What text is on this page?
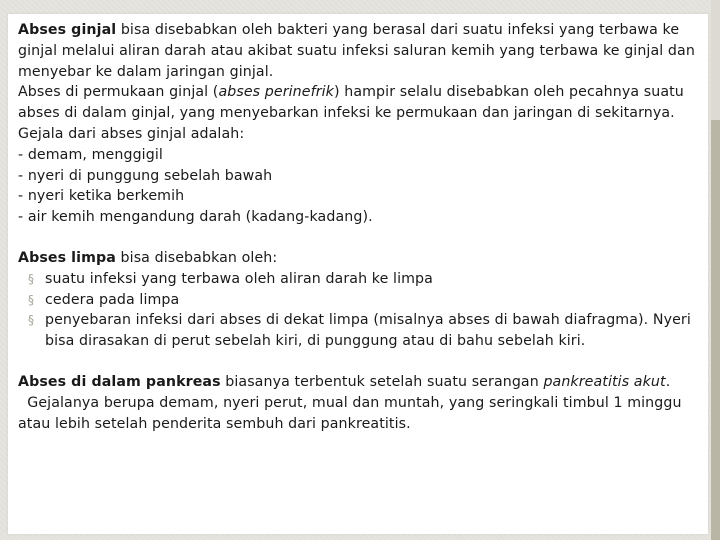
Abses ginjal bisa disebabkan oleh bakteri yang berasal dari suatu infeksi yang terbawa ke ginjal melalui aliran darah atau akibat suatu infeksi saluran kemih yang terbawa ke ginjal dan menyebar ke dalam jaringan ginjal.

Abses di permukaan ginjal (abses perinefrik) hampir selalu disebabkan oleh pecahnya suatu abses di dalam ginjal, yang menyebarkan infeksi ke permukaan dan jaringan di sekitarnya.

Gejala dari abses ginjal adalah:

- demam, menggigil

- nyeri di punggung sebelah bawah

- nyeri ketika berkemih

- air kemih mengandung darah (kadang-kadang).

Abses limpa bisa disebabkan oleh:

§ suatu infeksi yang terbawa oleh aliran darah ke limpa
§ cedera pada limpa
§ penyebaran infeksi dari abses di dekat limpa (misalnya abses di bawah diafragma). Nyeri bisa dirasakan di perut sebelah kiri, di punggung atau di bahu sebelah kiri.

Abses di dalam pankreas biasanya terbentuk setelah suatu serangan pankreatitis akut.

Gejalanya berupa demam, nyeri perut, mual dan muntah, yang seringkali timbul 1 minggu atau lebih setelah penderita sembuh dari pankreatitis.
